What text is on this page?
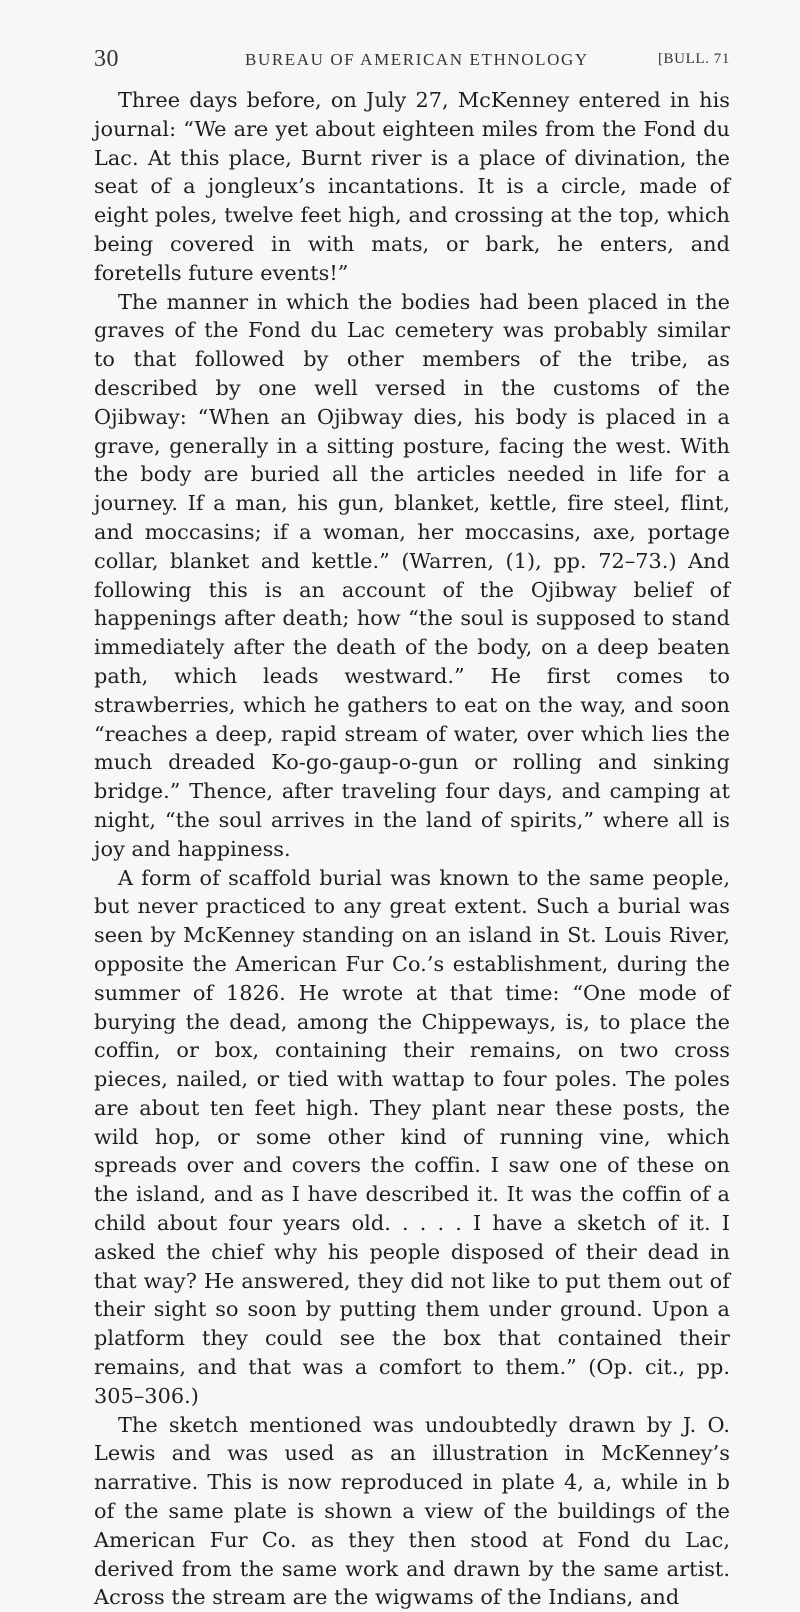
30	BUREAU OF AMERICAN ETHNOLOGY	[BULL. 71

Three days before, on July 27, McKenney entered in his journal: “We are yet about eighteen miles from the Fond du Lac. At this place, Burnt river is a place of divination, the seat of a jongleux’s incantations. It is a circle, made of eight poles, twelve feet high, and crossing at the top, which being covered in with mats, or bark, he enters, and foretells future events!”

The manner in which the bodies had been placed in the graves of the Fond du Lac cemetery was probably similar to that followed by other members of the tribe, as described by one well versed in the customs of the Ojibway: “When an Ojibway dies, his body is placed in a grave, generally in a sitting posture, facing the west. With the body are buried all the articles needed in life for a journey. If a man, his gun, blanket, kettle, fire steel, flint, and moccasins; if a woman, her moccasins, axe, portage collar, blanket and kettle.” (Warren, (1), pp. 72–73.) And following this is an account of the Ojibway belief of happenings after death; how “the soul is supposed to stand immediately after the death of the body, on a deep beaten path, which leads westward.” He first comes to strawberries, which he gathers to eat on the way, and soon “reaches a deep, rapid stream of water, over which lies the much dreaded Ko-go-gaup-o-gun or rolling and sinking bridge.” Thence, after traveling four days, and camping at night, “the soul arrives in the land of spirits,” where all is joy and happiness.

A form of scaffold burial was known to the same people, but never practiced to any great extent. Such a burial was seen by McKenney standing on an island in St. Louis River, opposite the American Fur Co.’s establishment, during the summer of 1826. He wrote at that time: “One mode of burying the dead, among the Chippeways, is, to place the coffin, or box, containing their remains, on two cross pieces, nailed, or tied with wattap to four poles. The poles are about ten feet high. They plant near these posts, the wild hop, or some other kind of running vine, which spreads over and covers the coffin. I saw one of these on the island, and as I have described it. It was the coffin of a child about four years old. . . . . I have a sketch of it. I asked the chief why his people disposed of their dead in that way? He answered, they did not like to put them out of their sight so soon by putting them under ground. Upon a platform they could see the box that contained their remains, and that was a comfort to them.” (Op. cit., pp. 305–306.)

The sketch mentioned was undoubtedly drawn by J. O. Lewis and was used as an illustration in McKenney’s narrative. This is now reproduced in plate 4, a, while in b of the same plate is shown a view of the buildings of the American Fur Co. as they then stood at Fond du Lac, derived from the same work and drawn by the same artist. Across the stream are the wigwams of the Indians, and
